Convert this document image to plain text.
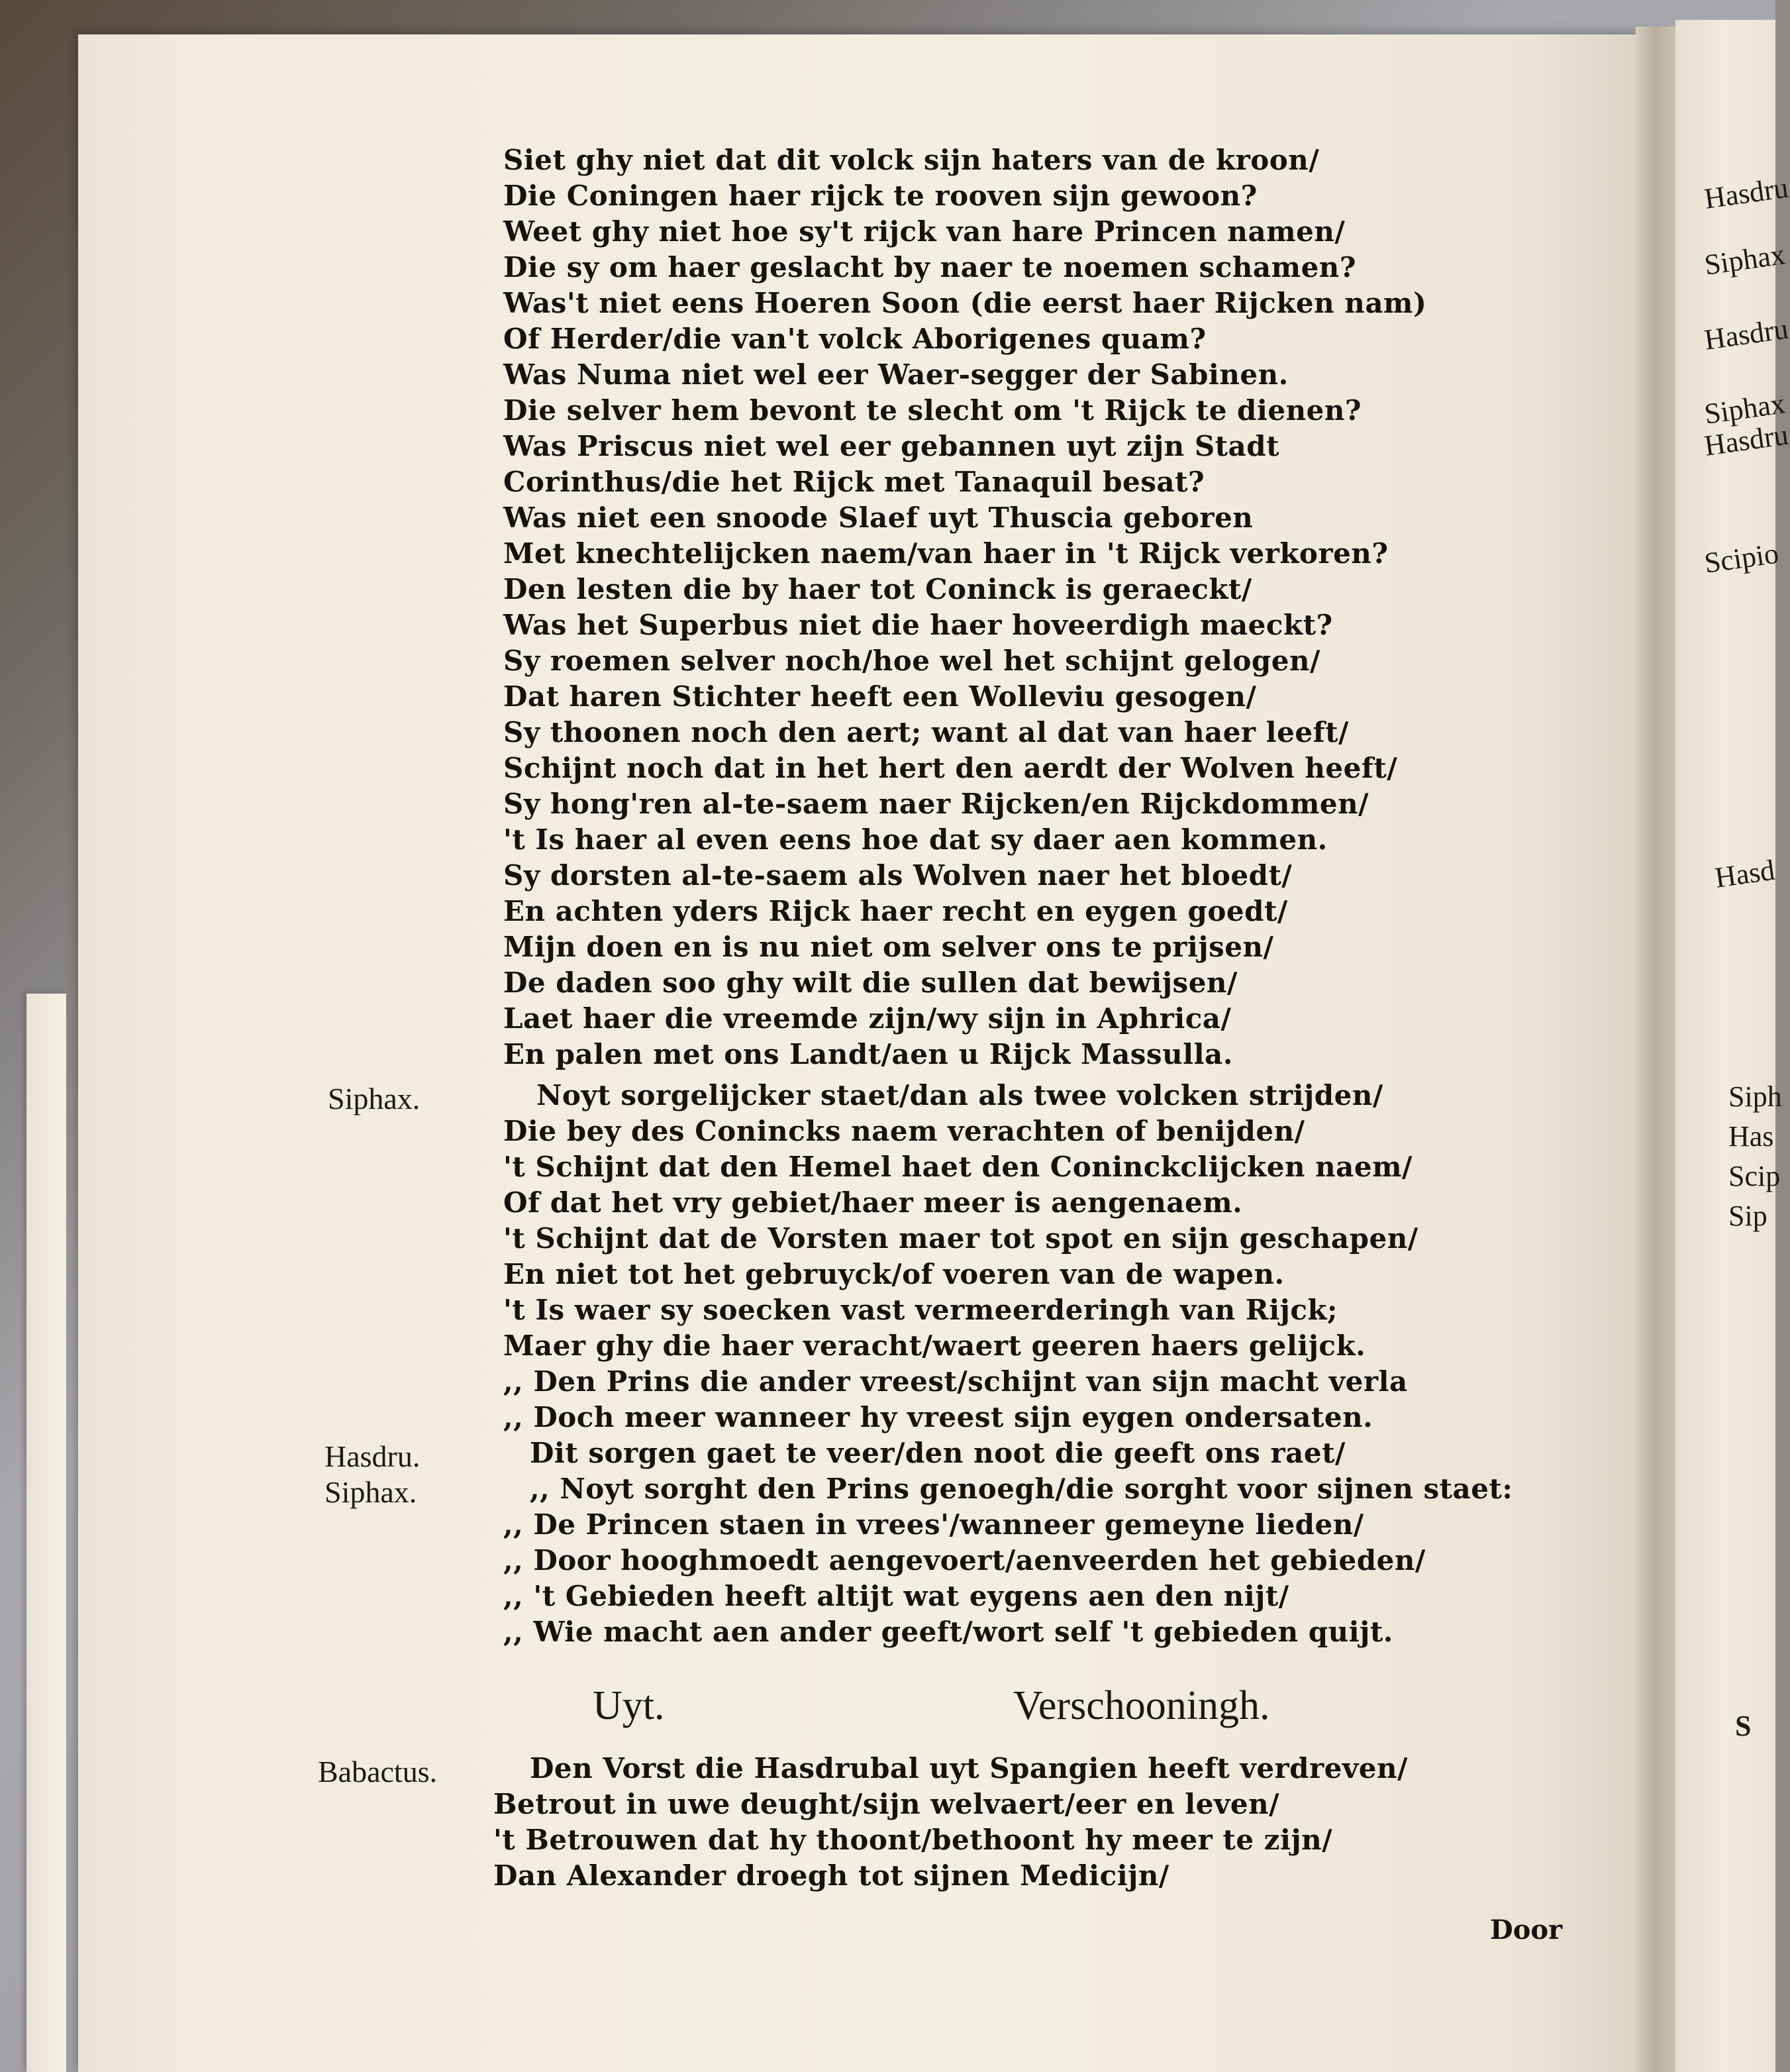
Hasdru
Siphax
Hasdru
Siphax
Hasdru
Scipio
Hasd
Siph
Has
Scip
Sip
S
Siet ghy niet dat dit volck sijn haters van de kroon/
Die Coningen haer rijck te rooven sijn gewoon?
Weet ghy niet hoe sy't rijck van hare Princen namen/
Die sy om haer geslacht by naer te noemen schamen?
Was't niet eens Hoeren Soon (die eerst haer Rijcken nam)
Of Herder/die van't volck Aborigenes quam?
Was Numa niet wel eer Waer-segger der Sabinen.
Die selver hem bevont te slecht om 't Rijck te dienen?
Was Priscus niet wel eer gebannen uyt zijn Stadt
Corinthus/die het Rijck met Tanaquil besat?
Was niet een snoode Slaef uyt Thuscia geboren
Met knechtelijcken naem/van haer in 't Rijck verkoren?
Den lesten die by haer tot Coninck is geraeckt/
Was het Superbus niet die haer hoveerdigh maeckt?
Sy roemen selver noch/hoe wel het schijnt gelogen/
Dat haren Stichter heeft een Wolleviu gesogen/
Sy thoonen noch den aert; want al dat van haer leeft/
Schijnt noch dat in het hert den aerdt der Wolven heeft/
Sy hong'ren al-te-saem naer Rijcken/en Rijckdommen/
't Is haer al even eens hoe dat sy daer aen kommen.
Sy dorsten al-te-saem als Wolven naer het bloedt/
En achten yders Rijck haer recht en eygen goedt/
Mijn doen en is nu niet om selver ons te prijsen/
De daden soo ghy wilt die sullen dat bewijsen/
Laet haer die vreemde zijn/wy sijn in Aphrica/
En palen met ons Landt/aen u Rijck Massulla.
Siphax.	Noyt sorgelijcker staet/dan als twee volcken strijden/
Die bey des Conincks naem verachten of benijden/
't Schijnt dat den Hemel haet den Coninckclijcken naem/
Of dat het vry gebiet/haer meer is aengenaem.
't Schijnt dat de Vorsten maer tot spot en sijn geschapen/
En niet tot het gebruyck/of voeren van de wapen.
't Is waer sy soecken vast vermeerderingh van Rijck;
Maer ghy die haer veracht/waert geeren haers gelijck.
,, Den Prins die ander vreest/schijnt van sijn macht verla
,, Doch meer wanneer hy vreest sijn eygen ondersaten.
Hasdru.	Dit sorgen gaet te veer/den noot die geeft ons raet/
Siphax.	,, Noyt sorght den Prins genoegh/die sorght voor sijnen staet:
,, De Princen staen in vrees'/wanneer gemeyne lieden/
,, Door hooghmoedt aengevoert/aenveerden het gebieden/
,, 't Gebieden heeft altijt wat eygens aen den nijt/
,, Wie macht aen ander geeft/wort self 't gebieden quijt.
Uyt.	Verschooningh.
Babactus.	Den Vorst die Hasdrubal uyt Spangien heeft verdreven/
Betrout in uwe deught/sijn welvaert/eer en leven/
't Betrouwen dat hy thoont/bethoont hy meer te zijn/
Dan Alexander droegh tot sijnen Medicijn/
Door
